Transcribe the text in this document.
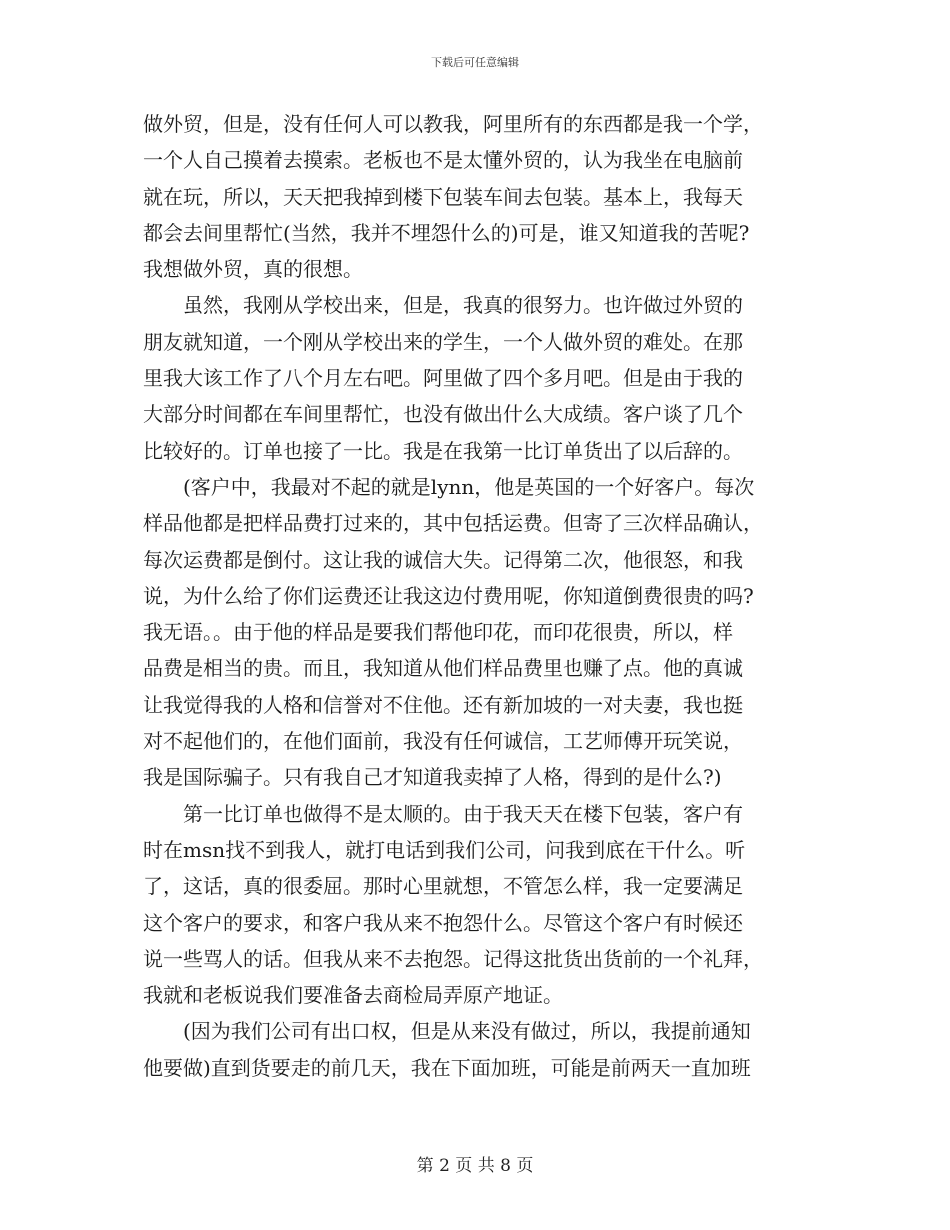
下载后可任意编辑

做外贸，但是，没有任何人可以教我，阿里所有的东西都是我一个学，

一个人自己摸着去摸索。老板也不是太懂外贸的，认为我坐在电脑前

就在玩，所以，天天把我掉到楼下包装车间去包装。基本上，我每天

都会去间里帮忙(当然，我并不埋怨什么的)可是，谁又知道我的苦呢?

我想做外贸，真的很想。

　　虽然，我刚从学校出来，但是，我真的很努力。也许做过外贸的

朋友就知道，一个刚从学校出来的学生，一个人做外贸的难处。在那

里我大该工作了八个月左右吧。阿里做了四个多月吧。但是由于我的

大部分时间都在车间里帮忙，也没有做出什么大成绩。客户谈了几个

比较好的。订单也接了一比。我是在我第一比订单货出了以后辞的。

　　(客户中，我最对不起的就是lynn，他是英国的一个好客户。每次

样品他都是把样品费打过来的，其中包括运费。但寄了三次样品确认，

每次运费都是倒付。这让我的诚信大失。记得第二次，他很怒，和我

说，为什么给了你们运费还让我这边付费用呢，你知道倒费很贵的吗?

我无语。。由于他的样品是要我们帮他印花，而印花很贵，所以，样

品费是相当的贵。而且，我知道从他们样品费里也赚了点。他的真诚

让我觉得我的人格和信誉对不住他。还有新加坡的一对夫妻，我也挺

对不起他们的，在他们面前，我没有任何诚信，工艺师傅开玩笑说，

我是国际骗子。只有我自己才知道我卖掉了人格，得到的是什么?)

　　第一比订单也做得不是太顺的。由于我天天在楼下包装，客户有

时在msn找不到我人，就打电话到我们公司，问我到底在干什么。听

了，这话，真的很委屈。那时心里就想，不管怎么样，我一定要满足

这个客户的要求，和客户我从来不抱怨什么。尽管这个客户有时候还

说一些骂人的话。但我从来不去抱怨。记得这批货出货前的一个礼拜，

我就和老板说我们要准备去商检局弄原产地证。

　　(因为我们公司有出口权，但是从来没有做过，所以，我提前通知

他要做)直到货要走的前几天，我在下面加班，可能是前两天一直加班

第 2 页 共 8 页
